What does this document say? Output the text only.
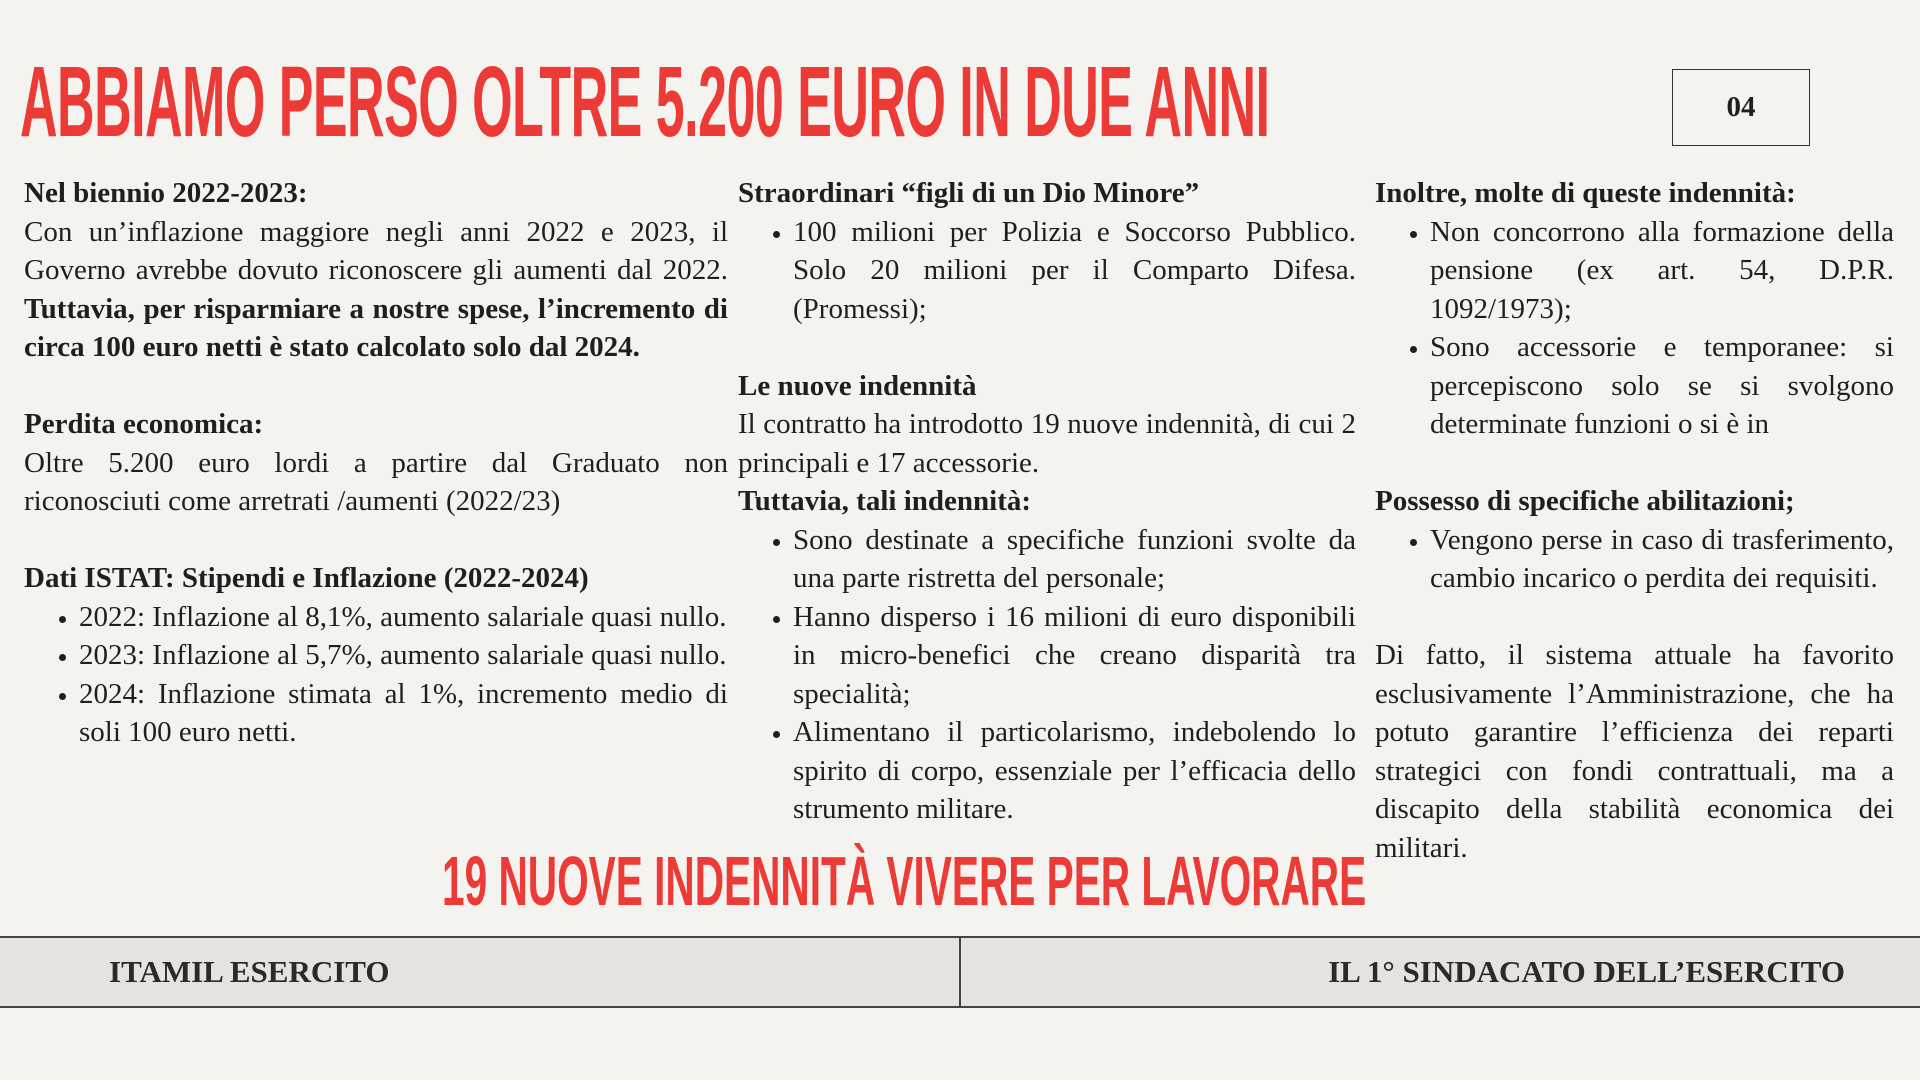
ABBIAMO PERSO OLTRE 5.200 EURO IN DUE ANNI	04

Nel biennio 2022-2023:

Con un’inflazione maggiore negli anni 2022 e 2023, il Governo avrebbe dovuto riconoscere gli aumenti dal 2022. Tuttavia, per risparmiare a nostre spese, l’incremento di circa 100 euro netti è stato calcolato solo dal 2024.

Perdita economica:

Oltre 5.200 euro lordi a partire dal Graduato non riconosciuti come arretrati /aumenti (2022/23)

Dati ISTAT: Stipendi e Inflazione (2022-2024)

• 2022: Inflazione al 8,1%, aumento salariale quasi nullo.
• 2023: Inflazione al 5,7%, aumento salariale quasi nullo.
• 2024: Inflazione stimata al 1%, incremento medio di soli 100 euro netti.

Straordinari “figli di un Dio Minore”

• 100 milioni per Polizia e Soccorso Pubblico. Solo 20 milioni per il Comparto Difesa. (Promessi);

Le nuove indennità

Il contratto ha introdotto 19 nuove indennità, di cui 2 principali e 17 accessorie.

Tuttavia, tali indennità:

• Sono destinate a specifiche funzioni svolte da una parte ristretta del personale;
• Hanno disperso i 16 milioni di euro disponibili in micro-benefici che creano disparità tra specialità;
• Alimentano il particolarismo, indebolendo lo spirito di corpo, essenziale per l’efficacia dello strumento militare.

Inoltre, molte di queste indennità:

• Non concorrono alla formazione della pensione (ex art. 54, D.P.R. 1092/1973);
• Sono accessorie e temporanee: si percepiscono solo se si svolgono determinate funzioni o si è in

Possesso di specifiche abilitazioni;

• Vengono perse in caso di trasferimento, cambio incarico o perdita dei requisiti.

Di fatto, il sistema attuale ha favorito esclusivamente l’Amministrazione, che ha potuto garantire l’efficienza dei reparti strategici con fondi contrattuali, ma a discapito della stabilità economica dei militari.

19 NUOVE INDENNITÀ VIVERE PER LAVORARE
ITAMIL ESERCITO	IL 1° SINDACATO DELL’ESERCITO
